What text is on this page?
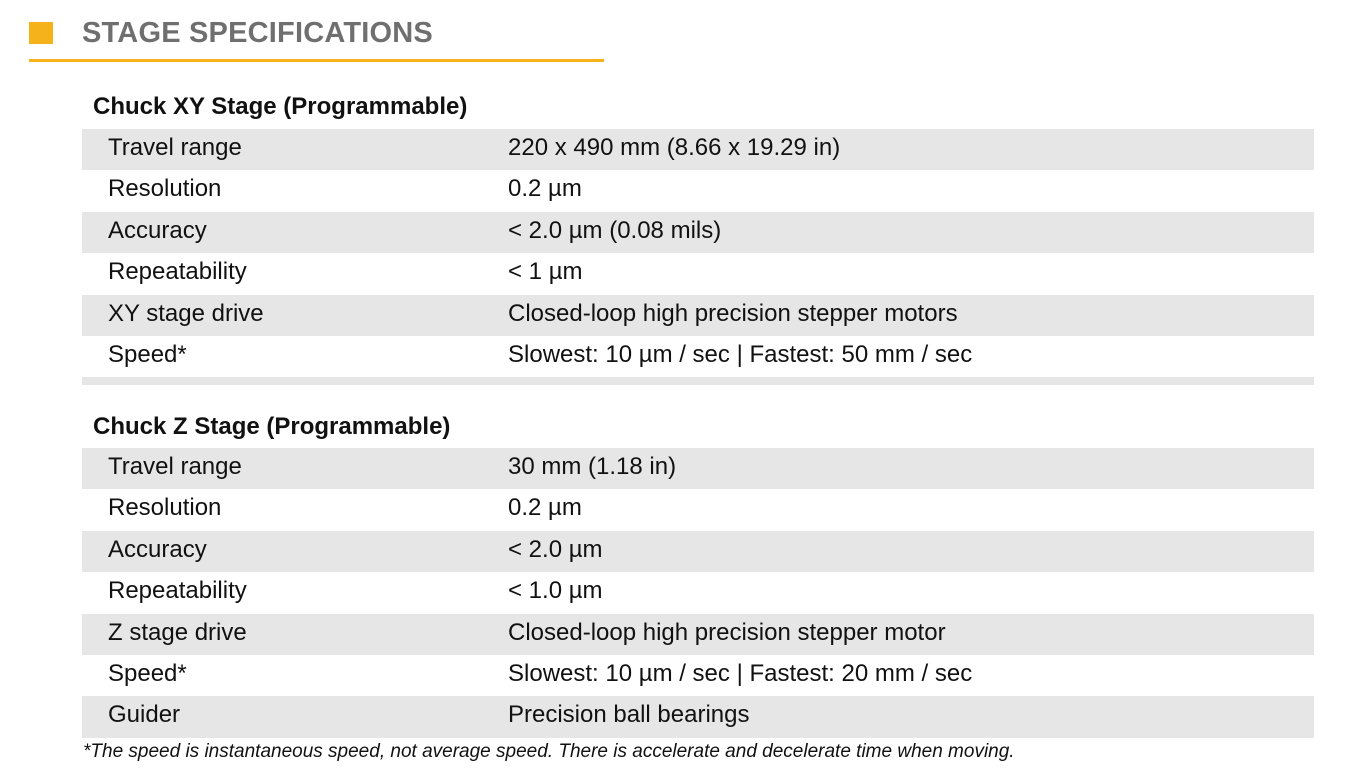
STAGE SPECIFICATIONS
Chuck XY Stage (Programmable)
Travel range	220 x 490 mm (8.66 x 19.29 in)
Resolution	0.2 µm
Accuracy	< 2.0 µm (0.08 mils)
Repeatability	< 1 µm
XY stage drive	Closed-loop high precision stepper motors
Speed*	Slowest: 10 µm / sec | Fastest: 50 mm / sec
Chuck Z Stage (Programmable)
Travel range	30 mm (1.18 in)
Resolution	0.2 µm
Accuracy	< 2.0 µm
Repeatability	< 1.0 µm
Z stage drive	Closed-loop high precision stepper motor
Speed*	Slowest: 10 µm / sec | Fastest: 20 mm / sec
Guider	Precision ball bearings
*The speed is instantaneous speed, not average speed. There is accelerate and decelerate time when moving.
